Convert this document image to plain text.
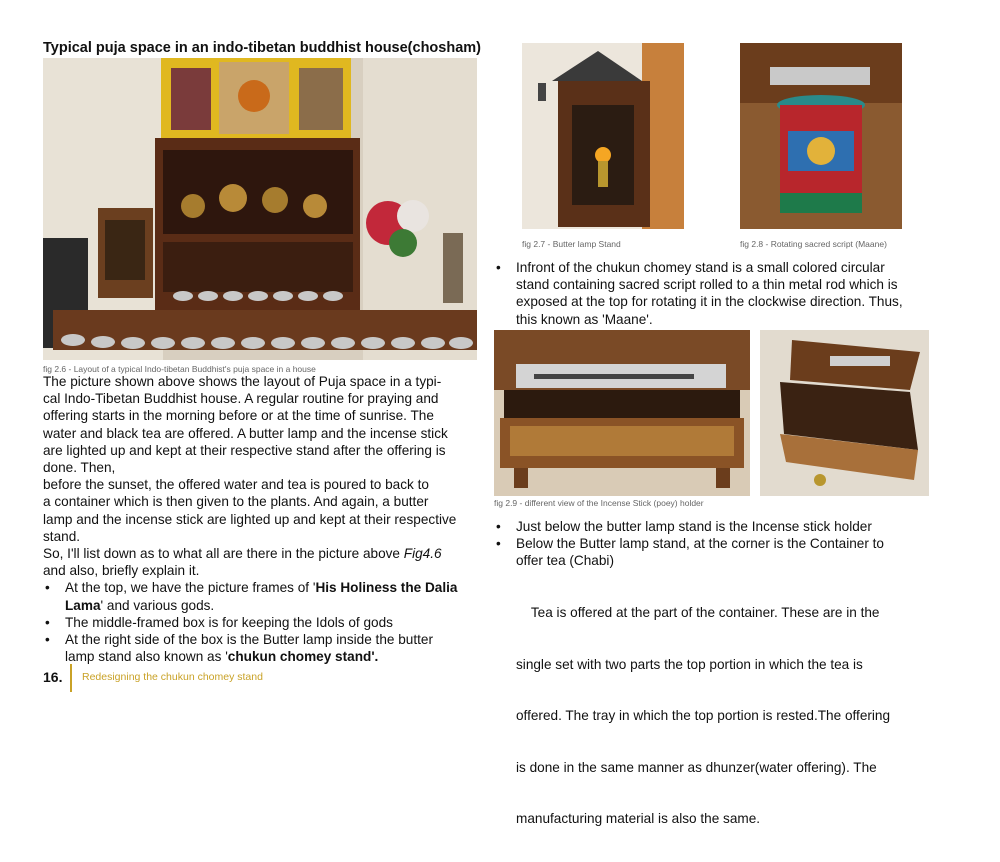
Typical puja space in an indo-tibetan buddhist house(chosham)
fig 2.6 - Layout of a typical Indo-tibetan Buddhist's puja space in a house
fig 2.7 - Butter lamp Stand	fig 2.8 - Rotating sacred script (Maane)
• Infront of the chukun chomey stand is a small colored circular
stand containing sacred script rolled to a thin metal rod which is
exposed at the top for rotating it in the clockwise direction. Thus,
this known as 'Maane'.
fig 2.9 - different view of the Incense Stick (poey) holder
• Just below the butter lamp stand is the Incense stick holder
• Below the Butter lamp stand, at the corner is the Container to
offer tea (Chabi)

Tea is offered at the part of the container. These are in the

single set with two parts the top portion in which the tea is

offered. The tray in which the top portion is rested.The offering

is done in the same manner as dhunzer(water offering). The

manufacturing material is also the same.

The picture shown above shows the layout of Puja space in a typi-
cal Indo-Tibetan Buddhist house. A regular routine for praying and
offering starts in the morning before or at the time of sunrise. The
water and black tea are offered. A butter lamp and the incense stick
are lighted up and kept at their respective stand after the offering is
done. Then,

before the sunset, the offered water and tea is poured to back to
a container which is then given to the plants. And again, a butter
lamp and the incense stick are lighted up and kept at their respective
stand.

So, I'll list down as to what all are there in the picture above Fig4.6
and also, briefly explain it.

• At the top, we have the picture frames of 'His Holiness the Dalia
Lama' and various gods.
• The middle-framed box is for keeping the Idols of gods
• At the right side of the box is the Butter lamp inside the butter
lamp stand also known as 'chukun chomey stand'.
16. Redesigning the chukun chomey stand
